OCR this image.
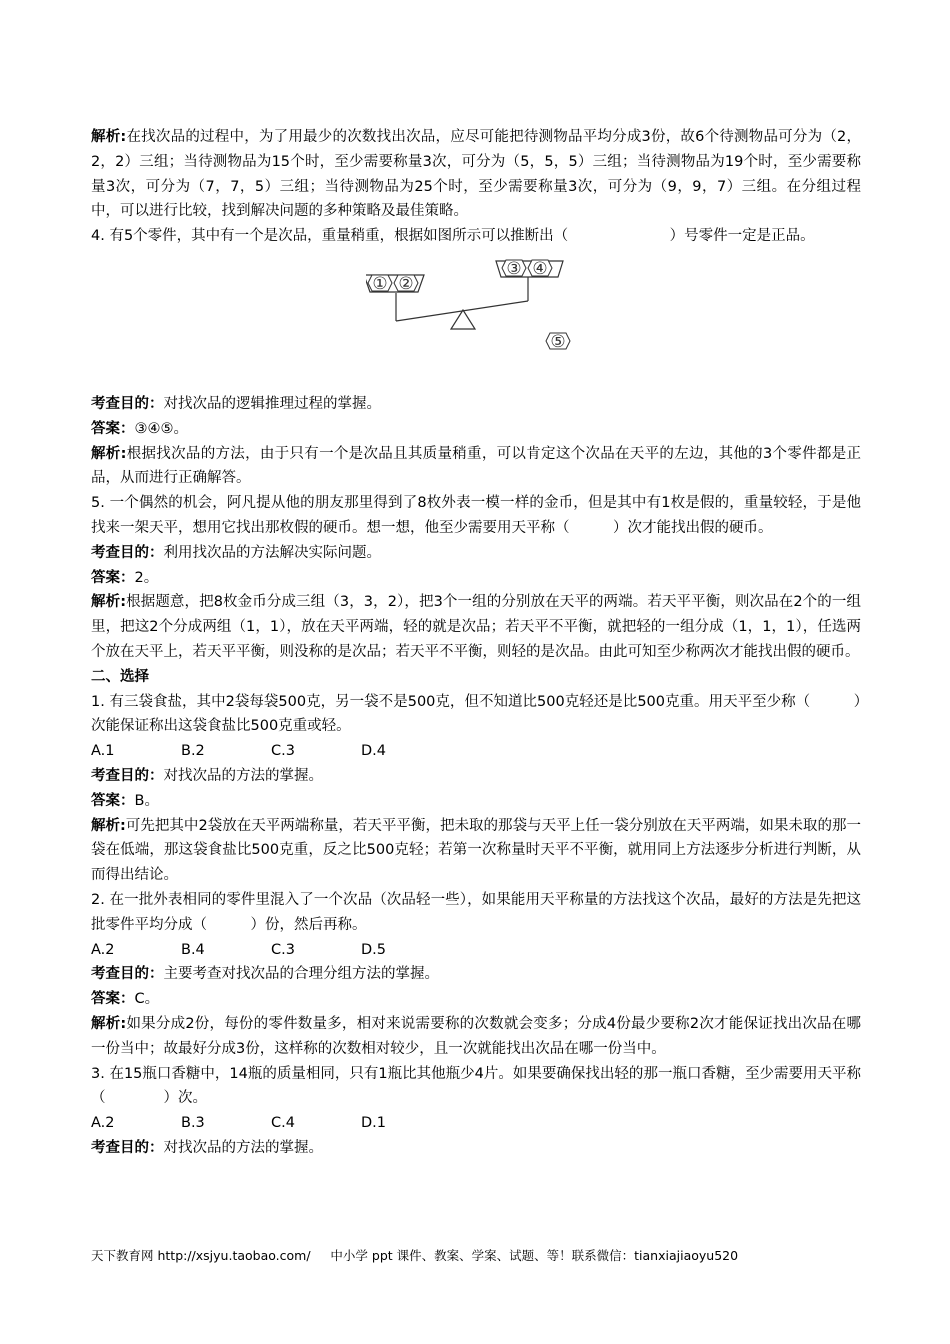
解析:在找次品的过程中，为了用最少的次数找出次品，应尽可能把待测物品平均分成3份，故6个待测物品可分为（2，2，2）三组；当待测物品为15个时，至少需要称量3次，可分为（5，5，5）三组；当待测物品为19个时，至少需要称量3次，可分为（7，7，5）三组；当待测物品为25个时，至少需要称量3次，可分为（9，9，7）三组。在分组过程中，可以进行比较，找到解决问题的多种策略及最佳策略。

4. 有5个零件，其中有一个是次品，重量稍重，根据如图所示可以推断出（　　　　　　　）号零件一定是正品。

① ②
③ ④
⑤

考查目的：对找次品的逻辑推理过程的掌握。

答案：③④⑤。

解析:根据找次品的方法，由于只有一个是次品且其质量稍重，可以肯定这个次品在天平的左边，其他的3个零件都是正品，从而进行正确解答。

5. 一个偶然的机会，阿凡提从他的朋友那里得到了8枚外表一模一样的金币，但是其中有1枚是假的，重量较轻，于是他找来一架天平，想用它找出那枚假的硬币。想一想，他至少需要用天平称（　　　）次才能找出假的硬币。

考查目的：利用找次品的方法解决实际问题。

答案：2。

解析:根据题意，把8枚金币分成三组（3，3，2），把3个一组的分别放在天平的两端。若天平平衡，则次品在2个的一组里，把这2个分成两组（1，1），放在天平两端，轻的就是次品；若天平不平衡，就把轻的一组分成（1，1，1），任选两个放在天平上，若天平平衡，则没称的是次品；若天平不平衡，则轻的是次品。由此可知至少称两次才能找出假的硬币。

二、选择

1. 有三袋食盐，其中2袋每袋500克，另一袋不是500克，但不知道比500克轻还是比500克重。用天平至少称（　　　）次能保证称出这袋食盐比500克重或轻。

A.1	B.2	C.3	D.4

考查目的：对找次品的方法的掌握。

答案：B。

解析:可先把其中2袋放在天平两端称量，若天平平衡，把未取的那袋与天平上任一袋分别放在天平两端，如果未取的那一袋在低端，那这袋食盐比500克重，反之比500克轻；若第一次称量时天平不平衡，就用同上方法逐步分析进行判断，从而得出结论。

2. 在一批外表相同的零件里混入了一个次品（次品轻一些），如果能用天平称量的方法找这个次品，最好的方法是先把这批零件平均分成（　　　）份，然后再称。

A.2	B.4	C.3	D.5

考查目的：主要考查对找次品的合理分组方法的掌握。

答案：C。

解析:如果分成2份，每份的零件数量多，相对来说需要称的次数就会变多；分成4份最少要称2次才能保证找出次品在哪一份当中；故最好分成3份，这样称的次数相对较少，且一次就能找出次品在哪一份当中。

3. 在15瓶口香糖中，14瓶的质量相同，只有1瓶比其他瓶少4片。如果要确保找出轻的那一瓶口香糖，至少需要用天平称（　　　　）次。

A.2	B.3	C.4	D.1

考查目的：对找次品的方法的掌握。

天下教育网 http://xsjyu.taobao.com/     中小学 ppt 课件、教案、学案、试题、等！联系微信：tianxiajiaoyu520
